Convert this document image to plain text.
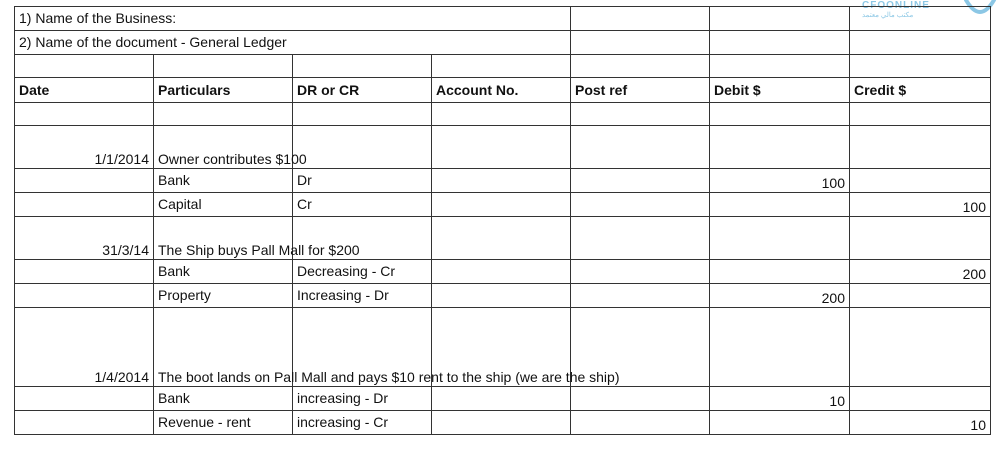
CFOONLINE
مكتب مالي معتمد
1) Name of the Business:						
2) Name of the document - General Ledger						

Date	Particulars	DR or CR	Account No.	Post ref	Debit $	Credit $

1/1/2014	Owner contributes $100					
	Bank	Dr			100	
	Capital	Cr				100
31/3/14	The Ship buys Pall Mall for $200					
	Bank	Decreasing - Cr				200
	Property	Increasing - Dr			200	
1/4/2014	The boot lands on Pall Mall and pays $10 rent to the ship (we are the ship)					
	Bank	increasing - Dr			10	
	Revenue - rent	increasing - Cr				10
